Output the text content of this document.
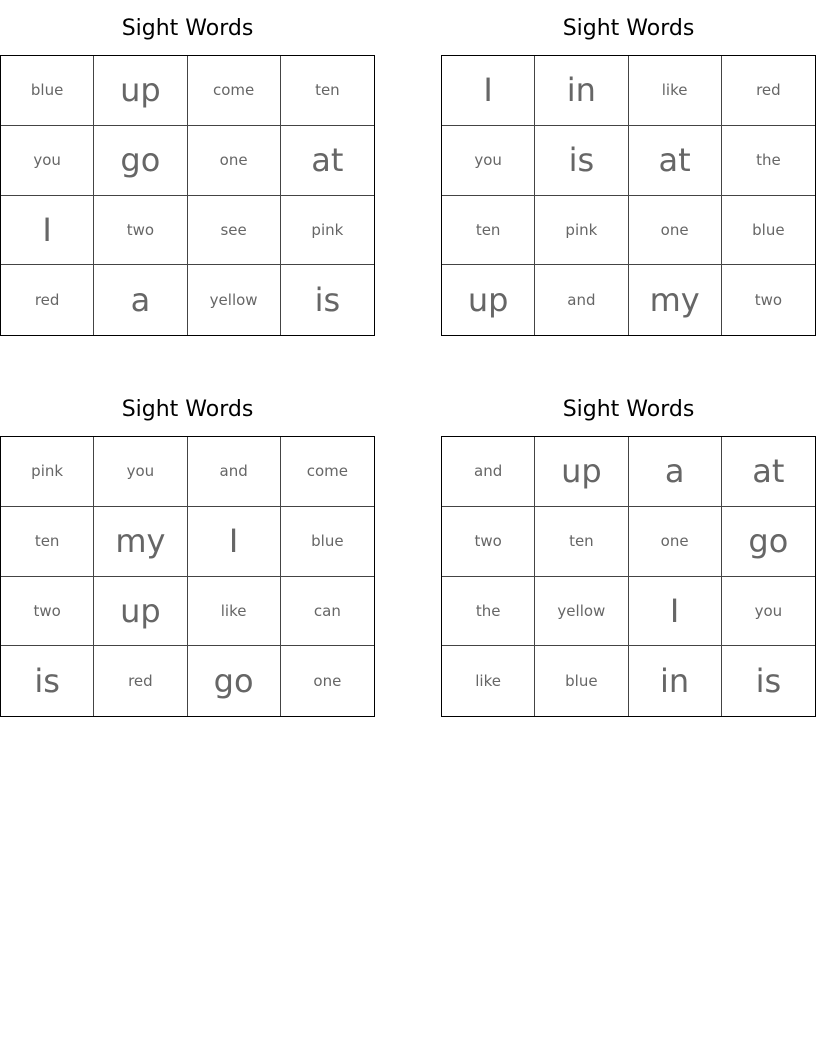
Sight Words
blue	up	come	ten
you	go	one	at
I	two	see	pink
red	a	yellow	is
Sight Words
I	in	like	red
you	is	at	the
ten	pink	one	blue
up	and	my	two
Sight Words
pink	you	and	come
ten	my	I	blue
two	up	like	can
is	red	go	one
Sight Words
and	up	a	at
two	ten	one	go
the	yellow	I	you
like	blue	in	is
